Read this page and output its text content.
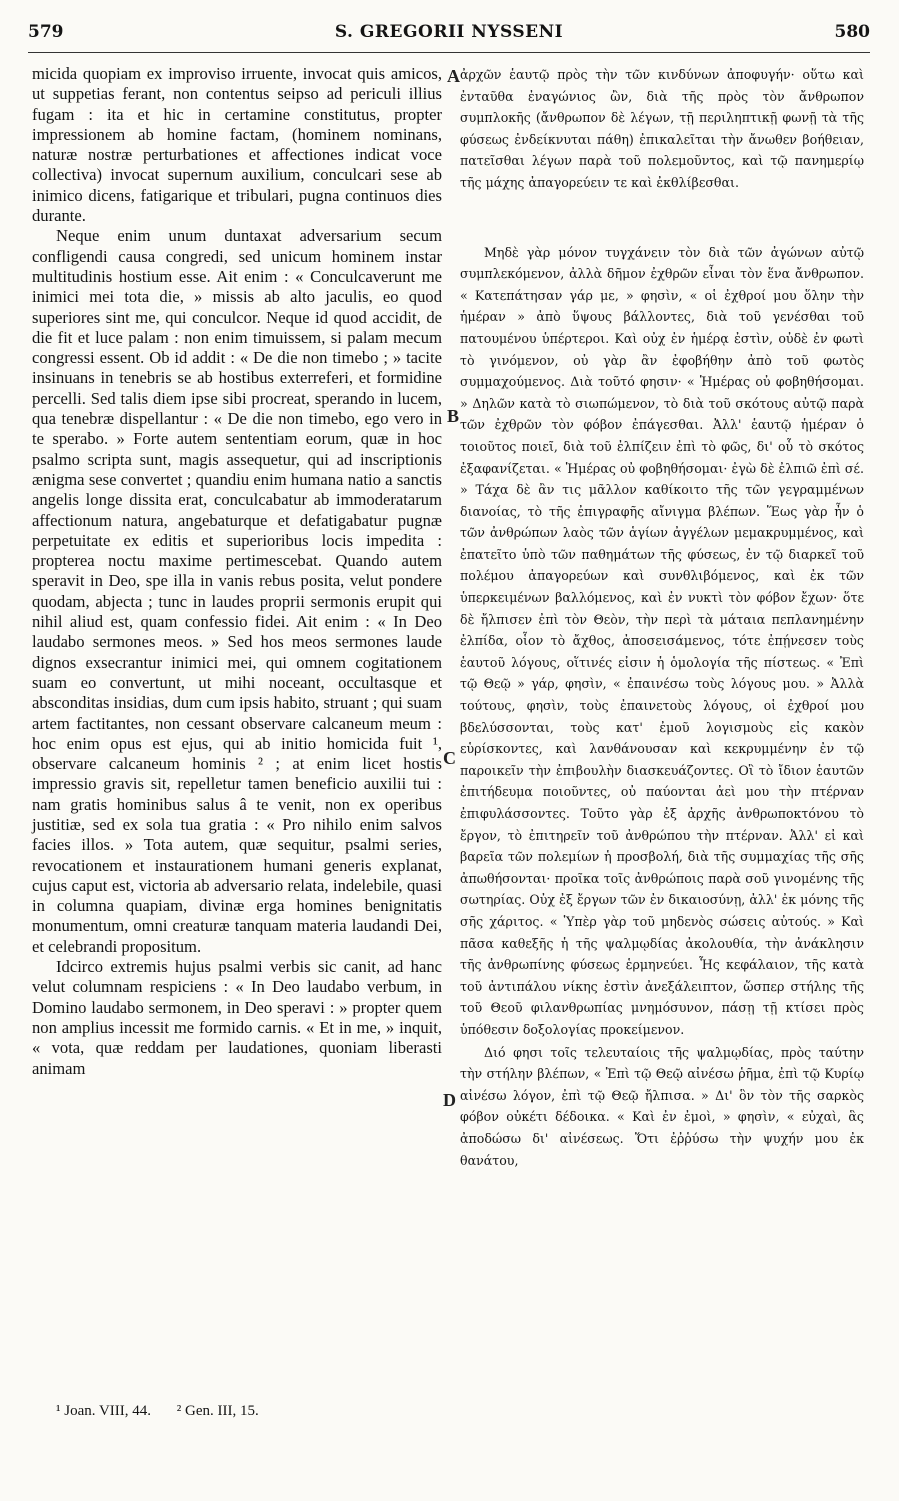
579	S. GREGORII NYSSENI	580

micida quopiam ex improviso irruente, invocat quis amicos, ut suppetias ferant, non contentus seipso ad periculi illius fugam : ita et hic in certamine constitutus, propter impressionem ab homine factam, (hominem nominans, naturæ nostræ perturbationes et affectiones indicat voce collectiva) invocat supernum auxilium, conculcari sese ab inimico dicens, fatigarique et tribulari, pugna continuos dies durante.

Neque enim unum duntaxat adversarium secum confligendi causa congredi, sed unicum hominem instar multitudinis hostium esse. Ait enim : « Conculcaverunt me inimici mei tota die, » missis ab alto jaculis, eo quod superiores sint me, qui conculcor. Neque id quod accidit, de die fit et luce palam : non enim timuissem, si palam mecum congressi essent. Ob id addit : « De die non timebo ; » tacite insinuans in tenebris se ab hostibus exterreferi, et formidine percelli. Sed talis diem ipse sibi procreat, sperando in lucem, qua tenebræ dispellantur : « De die non timebo, ego vero in te sperabo. » Forte autem sententiam eorum, quæ in hoc psalmo scripta sunt, magis assequetur, qui ad inscriptionis ænigma sese convertet ; quandiu enim humana natio a sanctis angelis longe dissita erat, conculcabatur ab immoderatarum affectionum natura, angebaturque et defatigabatur pugnæ perpetuitate ex editis et superioribus locis impedita : propterea noctu maxime pertimescebat. Quando autem speravit in Deo, spe illa in vanis rebus posita, velut pondere quodam, abjecta ; tunc in laudes proprii sermonis erupit qui nihil aliud est, quam confessio fidei. Ait enim : « In Deo laudabo sermones meos. » Sed hos meos sermones laude dignos exsecrantur inimici mei, qui omnem cogitationem suam eo convertunt, ut mihi noceant, occultasque et absconditas insidias, dum cum ipsis habito, struant ; qui suam artem factitantes, non cessant observare calcaneum meum : hoc enim opus est ejus, qui ab initio homicida fuit ¹, observare calcaneum hominis ² ; at enim licet hostis impressio gravis sit, repelletur tamen beneficio auxilii tui : nam gratis hominibus salus â te venit, non ex operibus justitiæ, sed ex sola tua gratia : « Pro nihilo enim salvos facies illos. » Tota autem, quæ sequitur, psalmi series, revocationem et instaurationem humani generis explanat, cujus caput est, victoria ab adversario relata, indelebile, quasi in columna quapiam, divinæ erga homines benignitatis monumentum, omni creaturæ tanquam materia laudandi Dei, et celebrandi propositum.

Idcirco extremis hujus psalmi verbis sic canit, ad hanc velut columnam respiciens : « In Deo laudabo verbum, in Domino laudabo sermonem, in Deo speravi : » propter quem non amplius incessit me formido carnis. « Et in me, » inquit, « vota, quæ reddam per laudationes, quoniam liberasti animam

A
B
C
D

ἀρχῶν ἑαυτῷ πρὸς τὴν τῶν κινδύνων ἀποφυγήν· οὕτω καὶ ἐνταῦθα ἐναγώνιος ὢν, διὰ τῆς πρὸς τὸν ἄνθρωπον συμπλοκῆς (ἄνθρωπον δὲ λέγων, τῇ περιληπτικῇ φωνῇ τὰ τῆς φύσεως ἐνδείκνυται πάθη) ἐπικαλεῖται τὴν ἄνωθεν βοήθειαν, πατεῖσθαι λέγων παρὰ τοῦ πολεμοῦντος, καὶ τῷ πανημερίῳ τῆς μάχης ἀπαγορεύειν τε καὶ ἐκθλίβεσθαι.

Μηδὲ γὰρ μόνον τυγχάνειν τὸν διὰ τῶν ἀγώνων αὐτῷ συμπλεκόμενον, ἀλλὰ δῆμον ἐχθρῶν εἶναι τὸν ἕνα ἄνθρωπον. « Κατεπάτησαν γάρ με, » φησὶν, « οἱ ἐχθροί μου ὅλην τὴν ἡμέραν » ἀπὸ ὕψους βάλλοντες, διὰ τοῦ γενέσθαι τοῦ πατουμένου ὑπέρτεροι. Καὶ οὐχ ἐν ἡμέρᾳ ἐστὶν, οὐδὲ ἐν φωτὶ τὸ γινόμενον, οὐ γὰρ ἂν ἐφοβήθην ἀπὸ τοῦ φωτὸς συμμαχούμενος. Διὰ τοῦτό φησιν· « Ἡμέρας οὐ φοβηθήσομαι. » Δηλῶν κατὰ τὸ σιωπώμενον, τὸ διὰ τοῦ σκότους αὐτῷ παρὰ τῶν ἐχθρῶν τὸν φόβον ἐπάγεσθαι. Ἀλλ' ἑαυτῷ ἡμέραν ὁ τοιοῦτος ποιεῖ, διὰ τοῦ ἐλπίζειν ἐπὶ τὸ φῶς, δι' οὗ τὸ σκότος ἐξαφανίζεται. « Ἡμέρας οὐ φοβηθήσομαι· ἐγὼ δὲ ἐλπιῶ ἐπὶ σέ. » Τάχα δὲ ἂν τις μᾶλλον καθίκοιτο τῆς τῶν γεγραμμένων διανοίας, τὸ τῆς ἐπιγραφῆς αἴνιγμα βλέπων. Ἕως γὰρ ἦν ὁ τῶν ἀνθρώπων λαὸς τῶν ἁγίων ἀγγέλων μεμακρυμμένος, καὶ ἐπατεῖτο ὑπὸ τῶν παθημάτων τῆς φύσεως, ἐν τῷ διαρκεῖ τοῦ πολέμου ἀπαγορεύων καὶ συνθλιβόμενος, καὶ ἐκ τῶν ὑπερκειμένων βαλλόμενος, καὶ ἐν νυκτὶ τὸν φόβον ἔχων· ὅτε δὲ ἤλπισεν ἐπὶ τὸν Θεὸν, τὴν περὶ τὰ μάταια πεπλανημένην ἐλπίδα, οἷον τὸ ἄχθος, ἀποσεισάμενος, τότε ἐπῄνεσεν τοὺς ἑαυτοῦ λόγους, οἵτινές εἰσιν ἡ ὁμολογία τῆς πίστεως. « Ἐπὶ τῷ Θεῷ » γάρ, φησὶν, « ἐπαινέσω τοὺς λόγους μου. » Ἀλλὰ τούτους, φησὶν, τοὺς ἐπαινετοὺς λόγους, οἱ ἐχθροί μου βδελύσσονται, τοὺς κατ' ἐμοῦ λογισμοὺς εἰς κακὸν εὑρίσκοντες, καὶ λανθάνουσαν καὶ κεκρυμμένην ἐν τῷ παροικεῖν τὴν ἐπιβουλὴν διασκευάζοντες. Οἳ τὸ ἴδιον ἑαυτῶν ἐπιτήδευμα ποιοῦντες, οὐ παύονται ἀεὶ μου τὴν πτέρναν ἐπιφυλάσσοντες. Τοῦτο γὰρ ἐξ ἀρχῆς ἀνθρωποκτόνου τὸ ἔργον, τὸ ἐπιτηρεῖν τοῦ ἀνθρώπου τὴν πτέρναν. Ἀλλ' εἰ καὶ βαρεῖα τῶν πολεμίων ἡ προσβολή, διὰ τῆς συμμαχίας τῆς σῆς ἀπωθήσονται· προῖκα τοῖς ἀνθρώποις παρὰ σοῦ γινομένης τῆς σωτηρίας. Οὐχ ἐξ ἔργων τῶν ἐν δικαιοσύνῃ, ἀλλ' ἐκ μόνης τῆς σῆς χάριτος. « Ὑπὲρ γὰρ τοῦ μηδενὸς σώσεις αὐτούς. » Καὶ πᾶσα καθεξῆς ἡ τῆς ψαλμῳδίας ἀκολουθία, τὴν ἀνάκλησιν τῆς ἀνθρωπίνης φύσεως ἑρμηνεύει. Ἧς κεφάλαιον, τῆς κατὰ τοῦ ἀντιπάλου νίκης ἐστὶν ἀνεξάλειπτον, ὥσπερ στήλης τῆς τοῦ Θεοῦ φιλανθρωπίας μνημόσυνον, πάσῃ τῇ κτίσει πρὸς ὑπόθεσιν δοξολογίας προκείμενον.

Διό φησι τοῖς τελευταίοις τῆς ψαλμῳδίας, πρὸς ταύτην τὴν στήλην βλέπων, « Ἐπὶ τῷ Θεῷ αἰνέσω ῥῆμα, ἐπὶ τῷ Κυρίῳ αἰνέσω λόγον, ἐπὶ τῷ Θεῷ ἤλπισα. » Δι' ὃν τὸν τῆς σαρκὸς φόβον οὐκέτι δέδοικα. « Καὶ ἐν ἐμοὶ, » φησὶν, « εὐχαὶ, ἃς ἀποδώσω δι' αἰνέσεως. Ὅτι ἐῤῥύσω τὴν ψυχήν μου ἐκ θανάτου,

¹ Joan. VIII, 44. ² Gen. III, 15.
